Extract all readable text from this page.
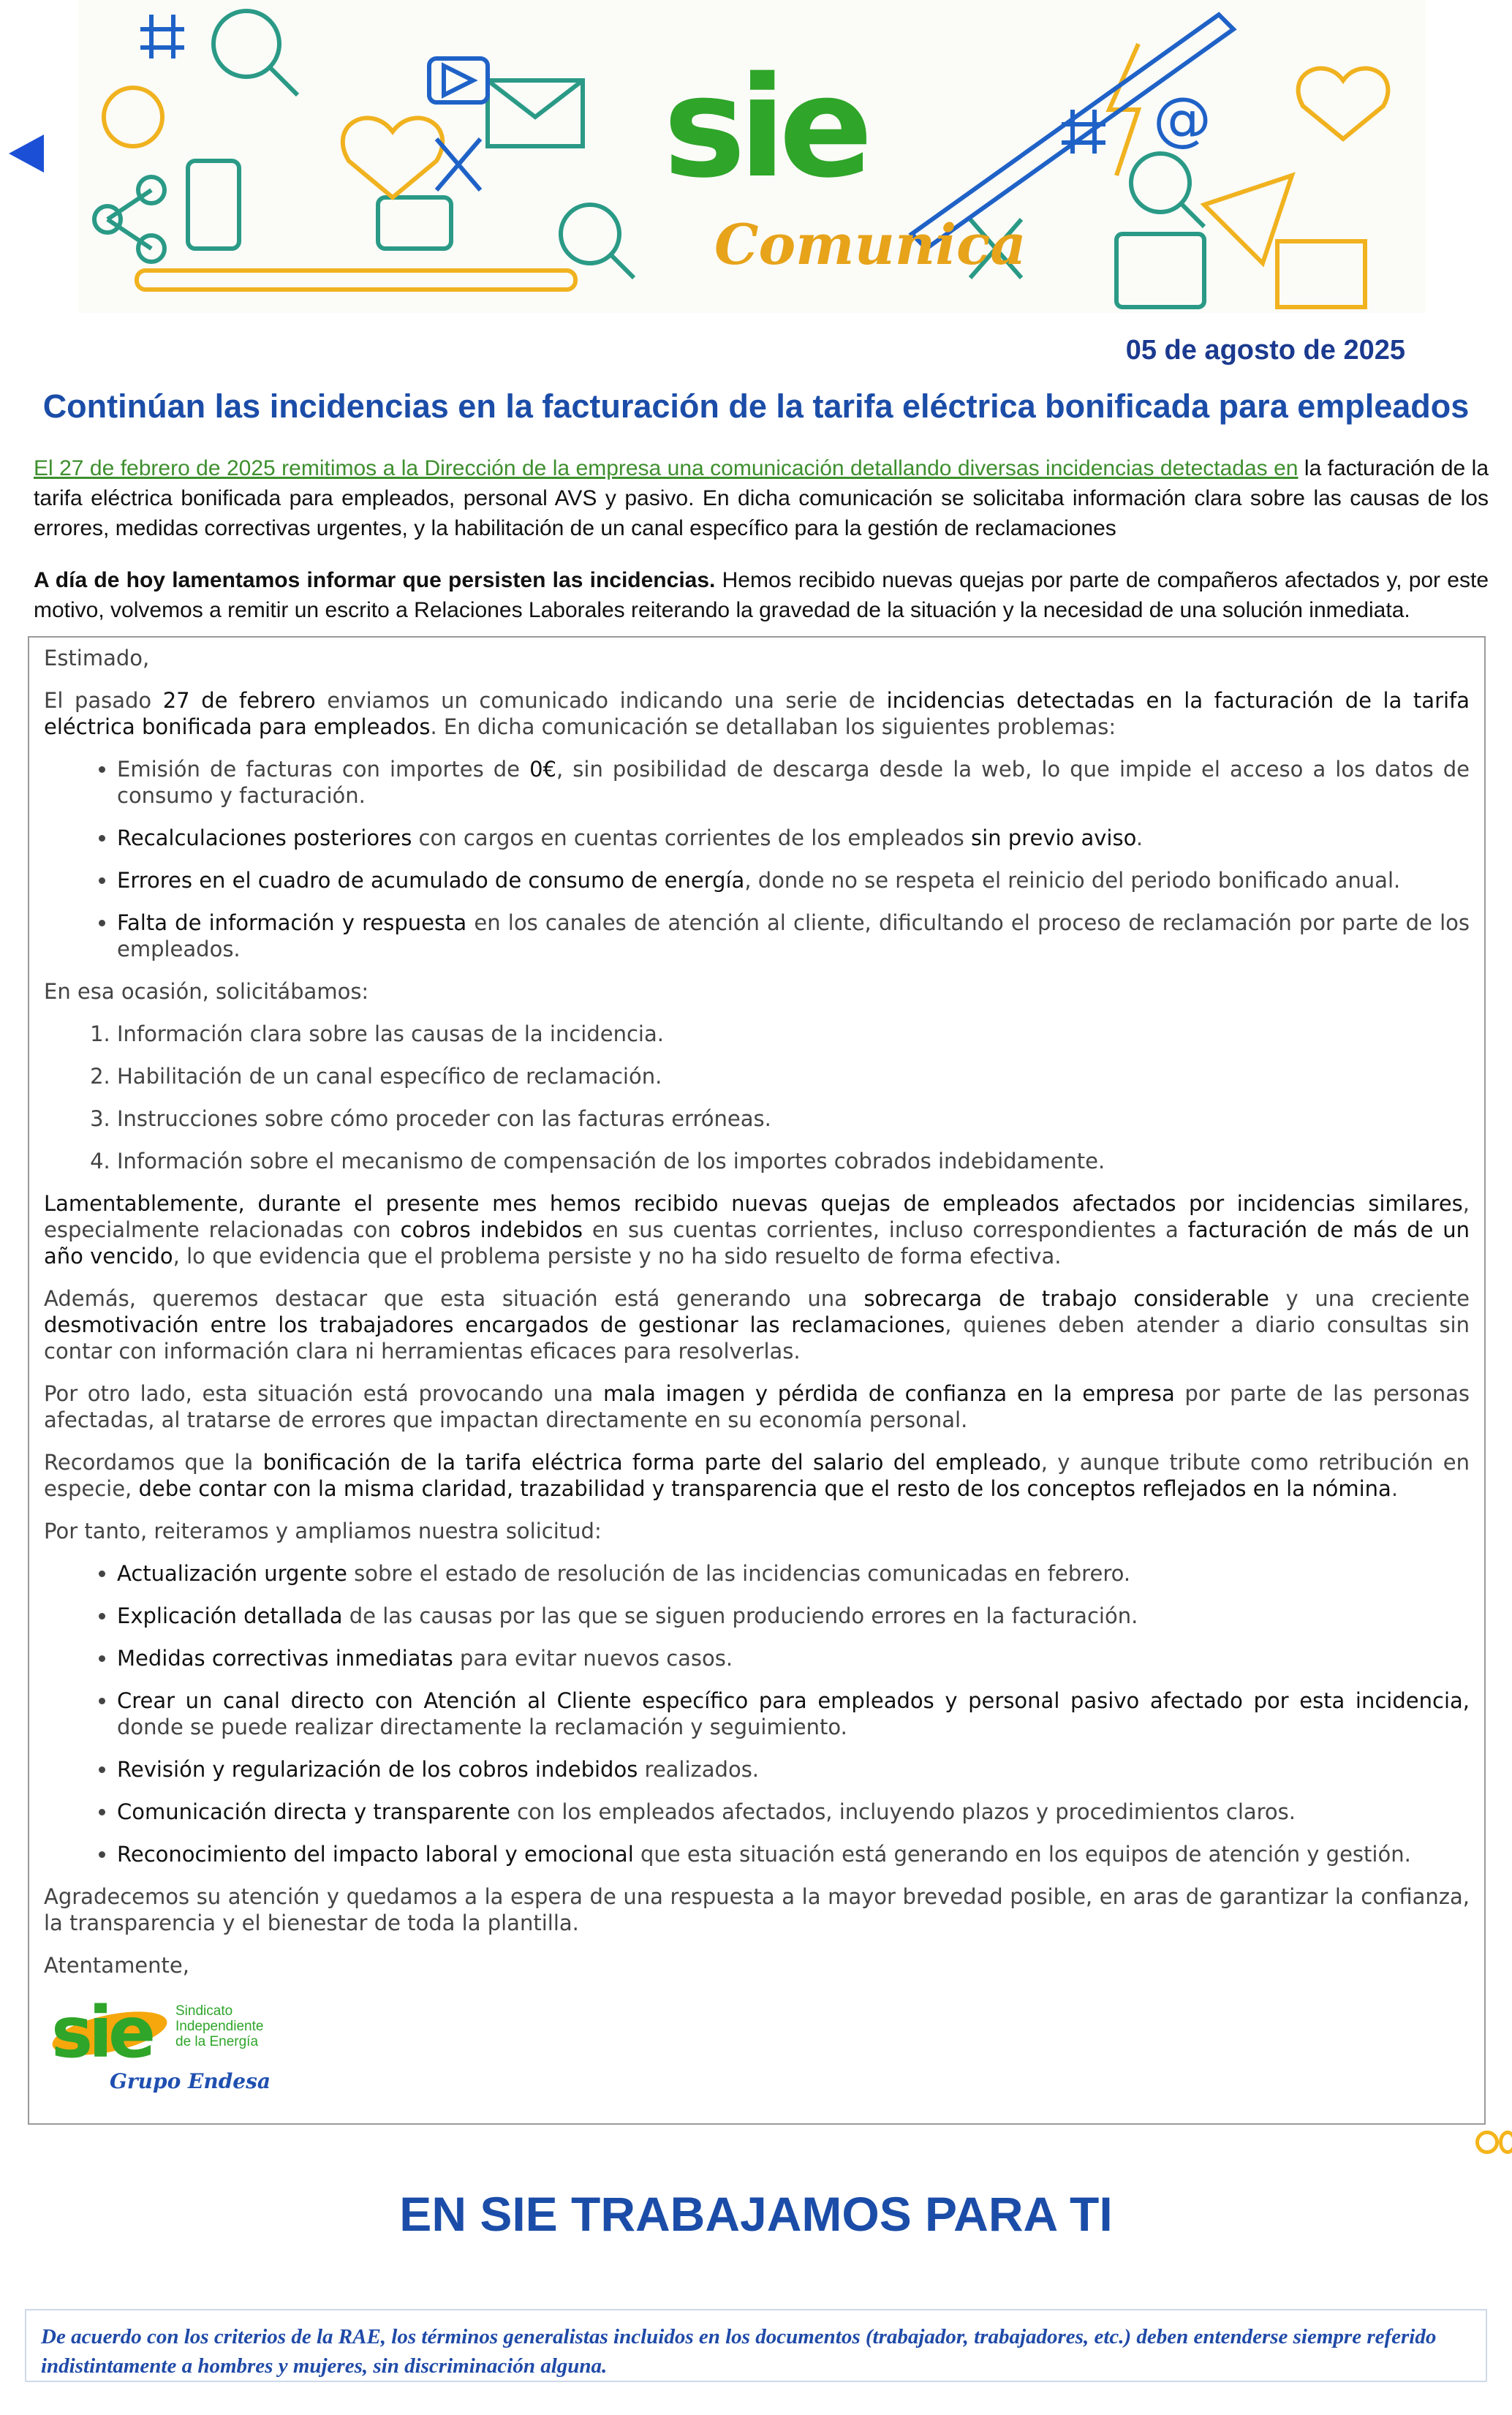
@
sie
Comunica
05 de agosto de 2025
Continúan las incidencias en la facturación de la tarifa eléctrica bonificada para empleados

El 27 de febrero de 2025 remitimos a la Dirección de la empresa una comunicación detallando diversas incidencias detectadas en la facturación de la tarifa eléctrica bonificada para empleados, personal AVS y pasivo. En dicha comunicación se solicitaba información clara sobre las causas de los errores, medidas correctivas urgentes, y la habilitación de un canal específico para la gestión de reclamaciones

A día de hoy lamentamos informar que persisten las incidencias. Hemos recibido nuevas quejas por parte de compañeros afectados y, por este motivo, volvemos a remitir un escrito a Relaciones Laborales reiterando la gravedad de la situación y la necesidad de una solución inmediata.

Estimado,

El pasado 27 de febrero enviamos un comunicado indicando una serie de incidencias detectadas en la facturación de la tarifa eléctrica bonificada para empleados. En dicha comunicación se detallaban los siguientes problemas:

• Emisión de facturas con importes de 0€, sin posibilidad de descarga desde la web, lo que impide el acceso a los datos de consumo y facturación.
• Recalculaciones posteriores con cargos en cuentas corrientes de los empleados sin previo aviso.
• Errores en el cuadro de acumulado de consumo de energía, donde no se respeta el reinicio del periodo bonificado anual.
• Falta de información y respuesta en los canales de atención al cliente, dificultando el proceso de reclamación por parte de los empleados.

En esa ocasión, solicitábamos:

1. Información clara sobre las causas de la incidencia.
2. Habilitación de un canal específico de reclamación.
3. Instrucciones sobre cómo proceder con las facturas erróneas.
4. Información sobre el mecanismo de compensación de los importes cobrados indebidamente.

Lamentablemente, durante el presente mes hemos recibido nuevas quejas de empleados afectados por incidencias similares, especialmente relacionadas con cobros indebidos en sus cuentas corrientes, incluso correspondientes a facturación de más de un año vencido, lo que evidencia que el problema persiste y no ha sido resuelto de forma efectiva.

Además, queremos destacar que esta situación está generando una sobrecarga de trabajo considerable y una creciente desmotivación entre los trabajadores encargados de gestionar las reclamaciones, quienes deben atender a diario consultas sin contar con información clara ni herramientas eficaces para resolverlas.

Por otro lado, esta situación está provocando una mala imagen y pérdida de confianza en la empresa por parte de las personas afectadas, al tratarse de errores que impactan directamente en su economía personal.

Recordamos que la bonificación de la tarifa eléctrica forma parte del salario del empleado, y aunque tribute como retribución en especie, debe contar con la misma claridad, trazabilidad y transparencia que el resto de los conceptos reflejados en la nómina.

Por tanto, reiteramos y ampliamos nuestra solicitud:

• Actualización urgente sobre el estado de resolución de las incidencias comunicadas en febrero.
• Explicación detallada de las causas por las que se siguen produciendo errores en la facturación.
• Medidas correctivas inmediatas para evitar nuevos casos.
• Crear un canal directo con Atención al Cliente específico para empleados y personal pasivo afectado por esta incidencia, donde se puede realizar directamente la reclamación y seguimiento.
• Revisión y regularización de los cobros indebidos realizados.
• Comunicación directa y transparente con los empleados afectados, incluyendo plazos y procedimientos claros.
• Reconocimiento del impacto laboral y emocional que esta situación está generando en los equipos de atención y gestión.

Agradecemos su atención y quedamos a la espera de una respuesta a la mayor brevedad posible, en aras de garantizar la confianza, la transparencia y el bienestar de toda la plantilla.

Atentamente,

sie Sindicato
Independiente
de la Energía
Grupo Endesa
EN SIE TRABAJAMOS PARA TI
De acuerdo con los criterios de la RAE, los términos generalistas incluidos en los documentos (trabajador, trabajadores, etc.) deben entenderse siempre referido indistintamente a hombres y mujeres, sin discriminación alguna.
